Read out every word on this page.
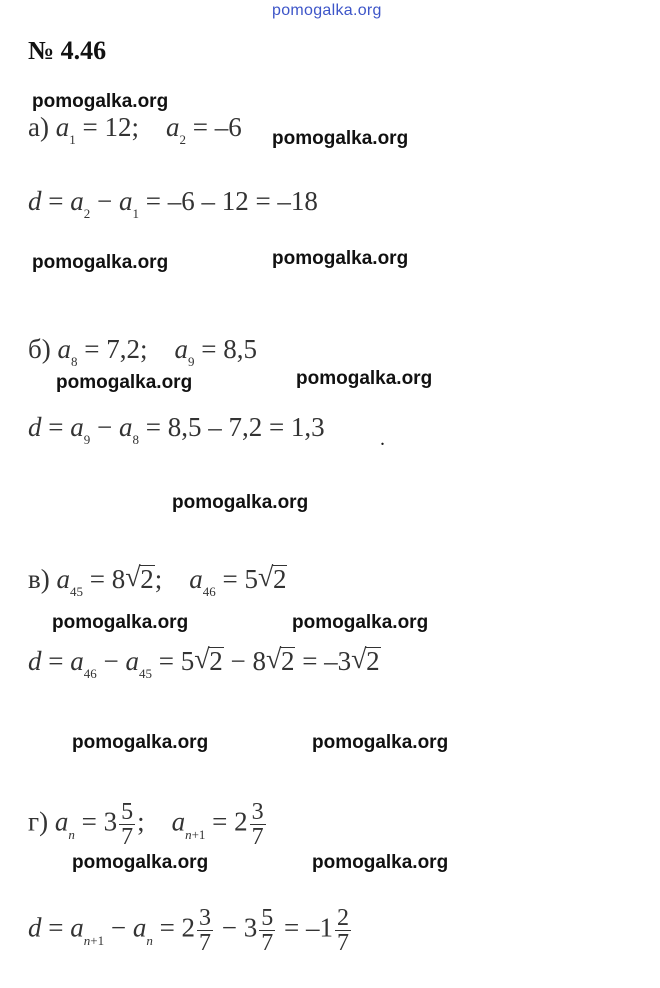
pomogalka.org
№ 4.46
pomogalka.org
pomogalka.org
pomogalka.org	pomogalka.org
pomogalka.org	pomogalka.org
pomogalka.org
pomogalka.org	pomogalka.org
pomogalka.org	pomogalka.org
pomogalka.org	pomogalka.org
а) $a_1 = 12$;    $a_2 = -6$
$d = a_2 - a_1 = -6 - 12 = -18$
б) $a_8 = 7,2$;    $a_9 = 8,5$
$d = a_9 - a_8 = 8,5 - 7,2 = 1,3$	.
в) $a_{45} = 8$ √ 2;    $a_{46} = 5$ √ 2
$d = a_{46} - a_{45} = 5$ √ 2 − 8 √ 2 = –3 √ 2
г) $a_n = 3 \frac{5}{7}$ ;    $a_{n+1} = 2 \frac{3}{7}$
$d = a_{n+1} - a_n = 2 \frac{3}{7} - 3 \frac{5}{7} = -1 \frac{2}{7}$
